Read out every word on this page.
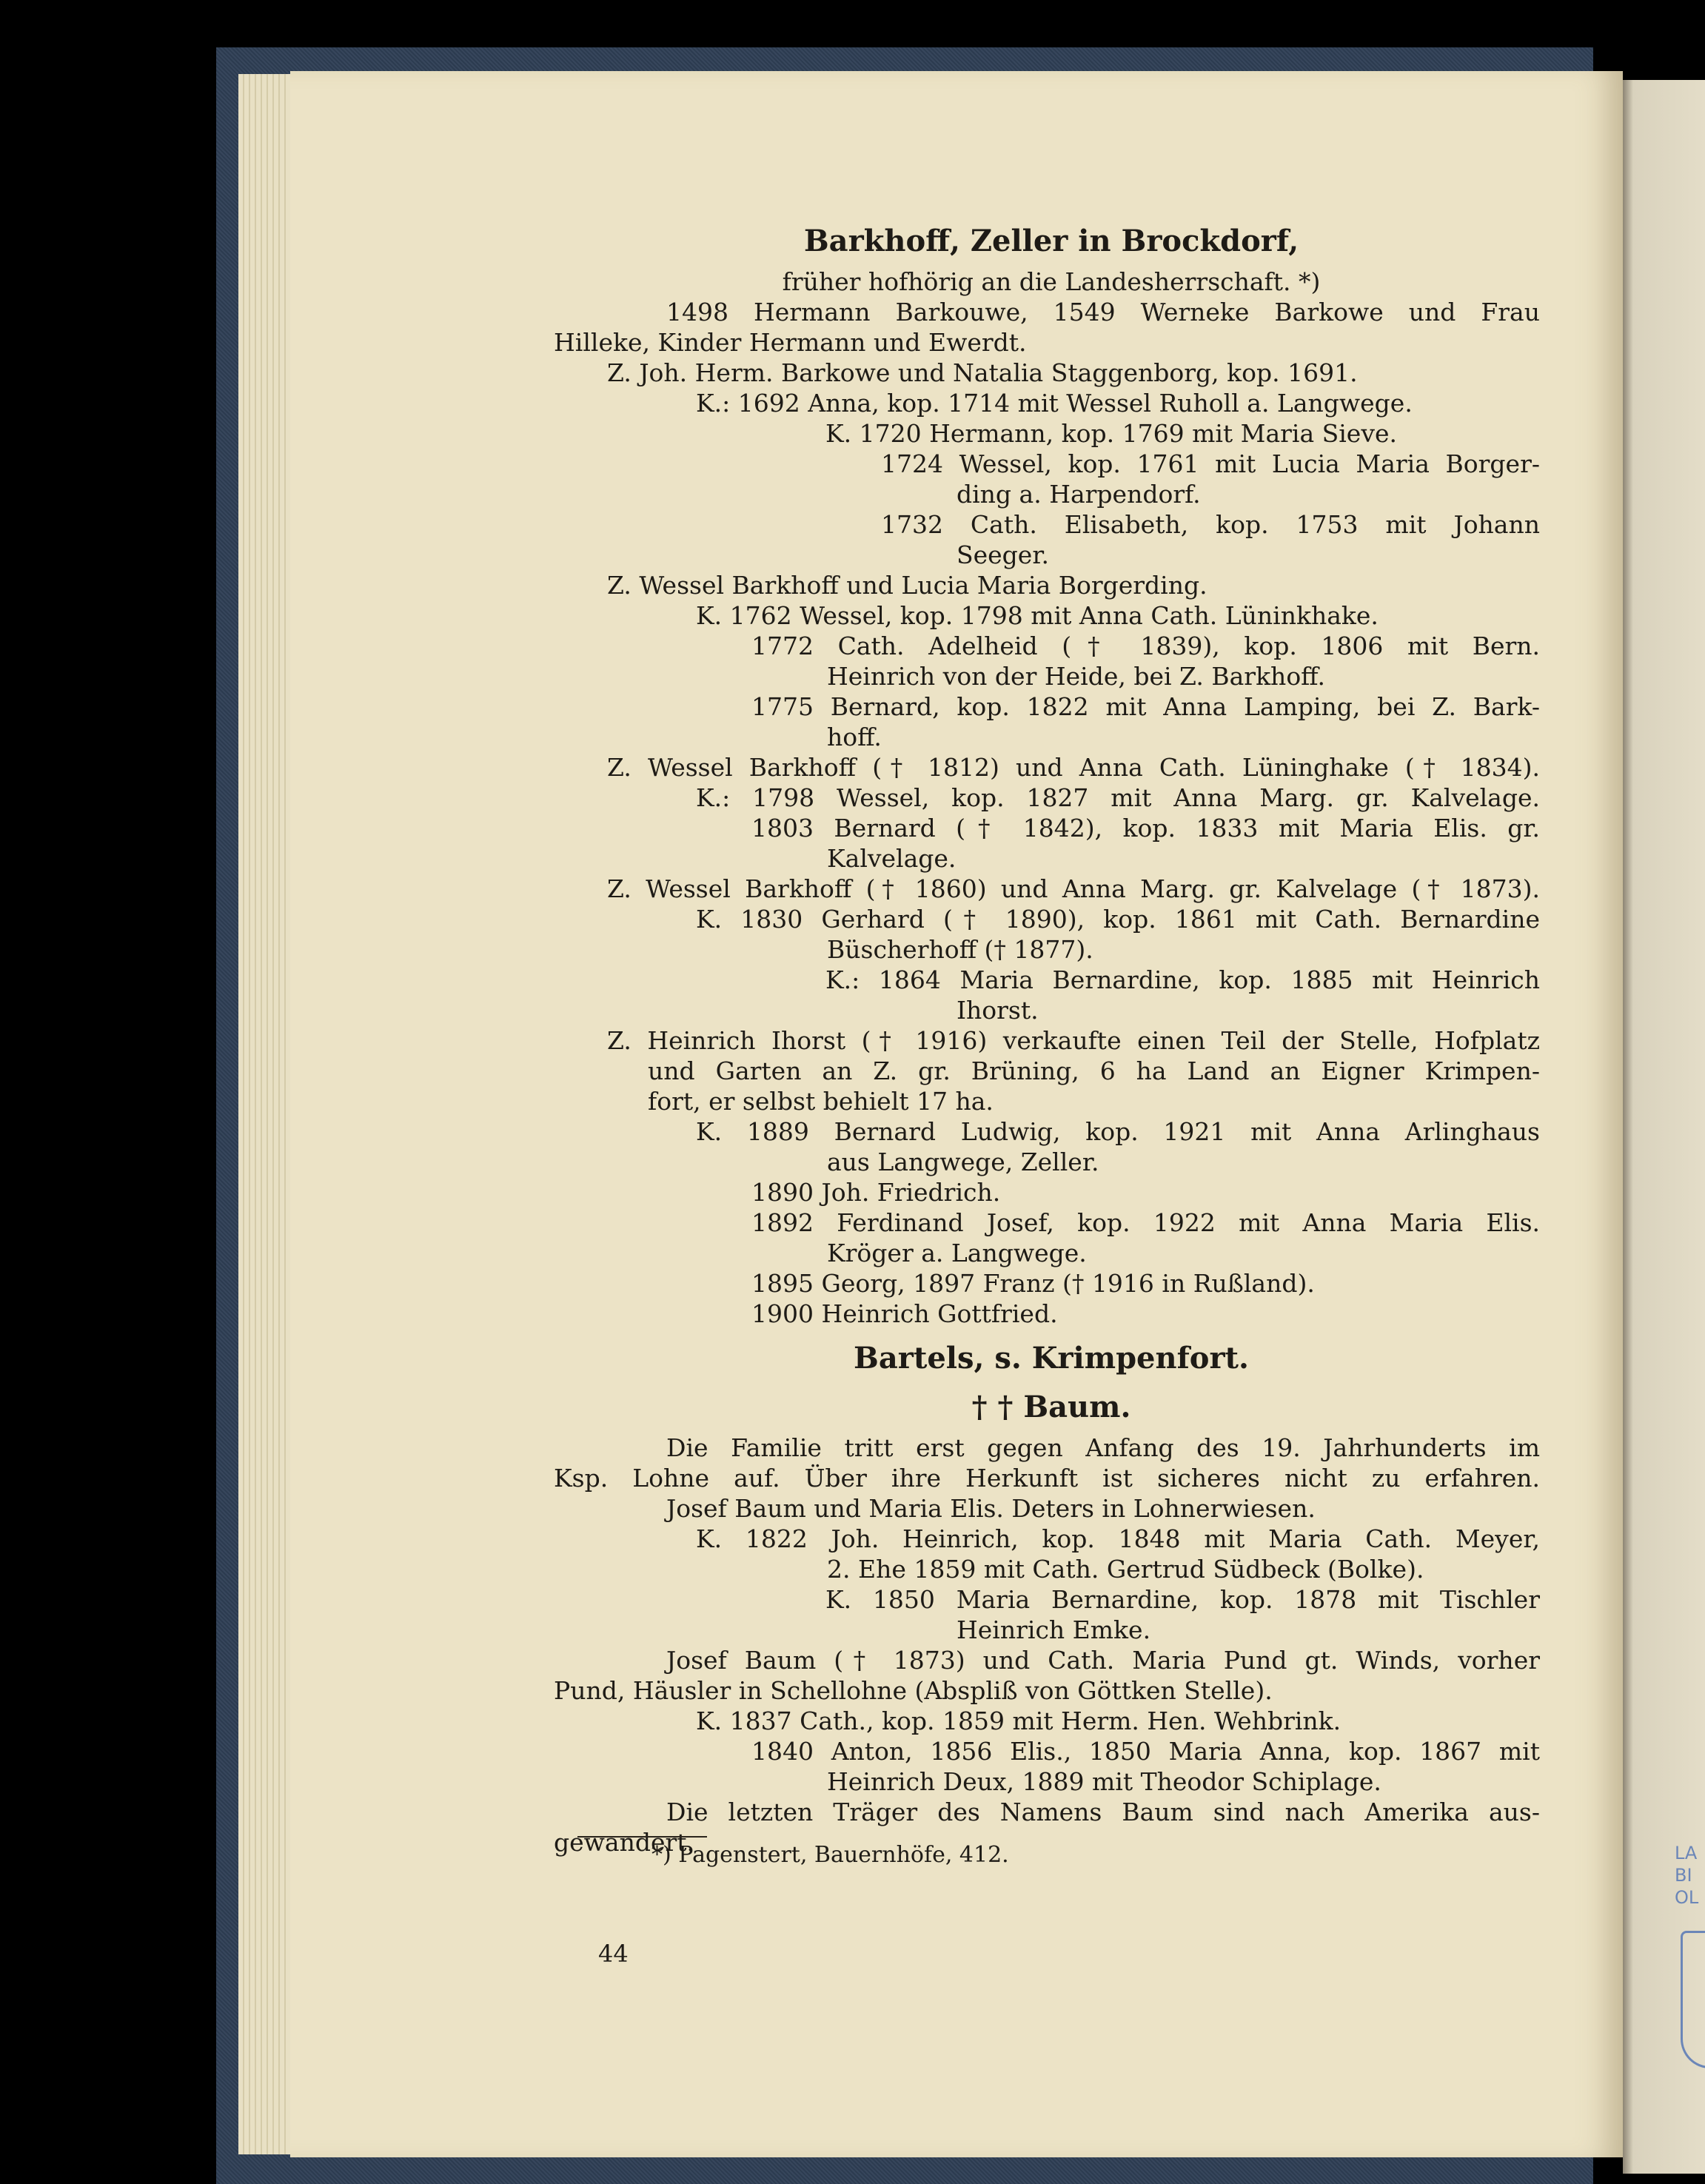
LA
BI
OL
Barkhoff, Zeller in Brockdorf,
früher hofhörig an die Landesherrschaft. *)
1498 Hermann Barkouwe, 1549 Werneke Barkowe und Frau
Hilleke, Kinder Hermann und Ewerdt.
Z. Joh. Herm. Barkowe und Natalia Staggenborg, kop. 1691.
K.: 1692 Anna, kop. 1714 mit Wessel Ruholl a. Langwege.
K. 1720 Hermann, kop. 1769 mit Maria Sieve.
1724 Wessel, kop. 1761 mit Lucia Maria Borger-
ding a. Harpendorf.
1732 Cath. Elisabeth, kop. 1753 mit Johann
Seeger.
Z. Wessel Barkhoff und Lucia Maria Borgerding.
K. 1762 Wessel, kop. 1798 mit Anna Cath. Lüninkhake.
1772 Cath. Adelheid († 1839), kop. 1806 mit Bern.
Heinrich von der Heide, bei Z. Barkhoff.
1775 Bernard, kop. 1822 mit Anna Lamping, bei Z. Bark-
hoff.
Z. Wessel Barkhoff († 1812) und Anna Cath. Lüninghake († 1834).
K.: 1798 Wessel, kop. 1827 mit Anna Marg. gr. Kalvelage.
1803 Bernard († 1842), kop. 1833 mit Maria Elis. gr.
Kalvelage.
Z. Wessel Barkhoff († 1860) und Anna Marg. gr. Kalvelage († 1873).
K. 1830 Gerhard († 1890), kop. 1861 mit Cath. Bernardine
Büscherhoff († 1877).
K.: 1864 Maria Bernardine, kop. 1885 mit Heinrich
Ihorst.
Z. Heinrich Ihorst († 1916) verkaufte einen Teil der Stelle, Hofplatz
und Garten an Z. gr. Brüning, 6 ha Land an Eigner Krimpen-
fort, er selbst behielt 17 ha.
K. 1889 Bernard Ludwig, kop. 1921 mit Anna Arlinghaus
aus Langwege, Zeller.
1890 Joh. Friedrich.
1892 Ferdinand Josef, kop. 1922 mit Anna Maria Elis.
Kröger a. Langwege.
1895 Georg, 1897 Franz († 1916 in Rußland).
1900 Heinrich Gottfried.
Bartels, s. Krimpenfort.
† † Baum.
Die Familie tritt erst gegen Anfang des 19. Jahrhunderts im
Ksp. Lohne auf. Über ihre Herkunft ist sicheres nicht zu erfahren.
Josef Baum und Maria Elis. Deters in Lohnerwiesen.
K. 1822 Joh. Heinrich, kop. 1848 mit Maria Cath. Meyer,
2. Ehe 1859 mit Cath. Gertrud Südbeck (Bolke).
K. 1850 Maria Bernardine, kop. 1878 mit Tischler
Heinrich Emke.
Josef Baum († 1873) und Cath. Maria Pund gt. Winds, vorher
Pund, Häusler in Schellohne (Abspliß von Göttken Stelle).
K. 1837 Cath., kop. 1859 mit Herm. Hen. Wehbrink.
1840 Anton, 1856 Elis., 1850 Maria Anna, kop. 1867 mit
Heinrich Deux, 1889 mit Theodor Schiplage.
Die letzten Träger des Namens Baum sind nach Amerika aus-
gewandert.
*) Pagenstert, Bauernhöfe, 412.
44
